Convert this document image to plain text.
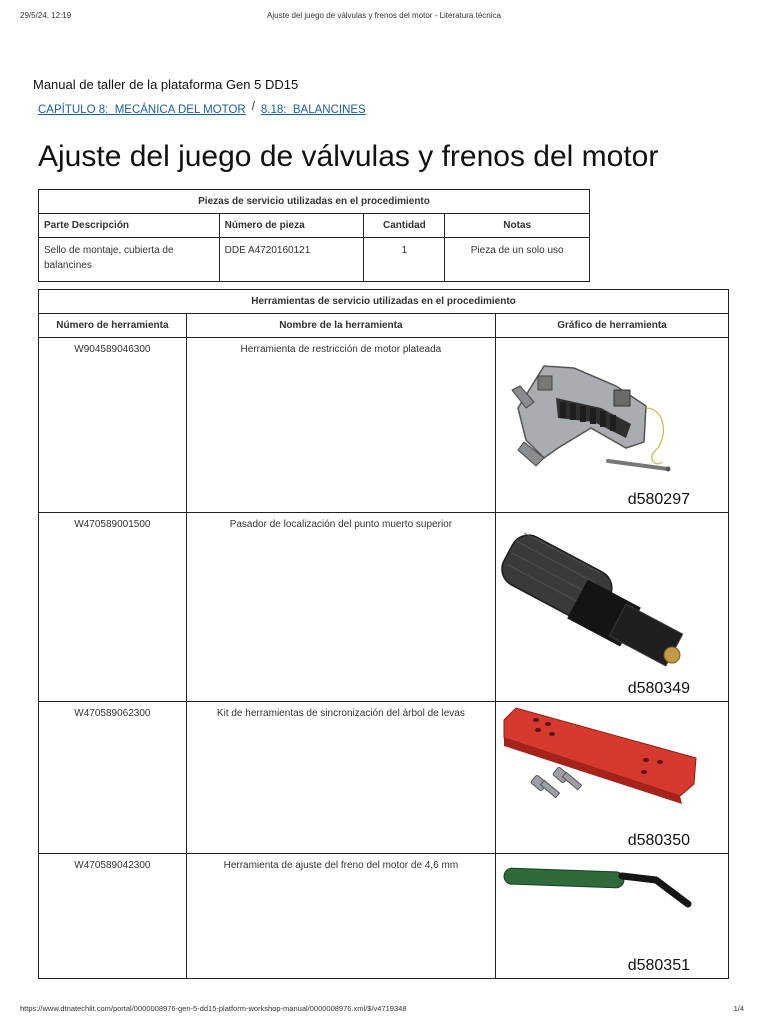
29/5/24, 12:19	Ajuste del juego de válvulas y frenos del motor - Literatura técnica
Manual de taller de la plataforma Gen 5 DD15
CAPÍTULO 8: MECÁNICA DEL MOTOR / 8.18: BALANCINES
Ajuste del juego de válvulas y frenos del motor
Piezas de servicio utilizadas en el procedimiento			
Parte Descripción	Número de pieza	Cantidad	Notas
Sello de montaje, cubierta de balancines	DDE A4720160121	1	Pieza de un solo uso
Herramientas de servicio utilizadas en el procedimiento		
Número de herramienta	Nombre de la herramienta	Gráfico de herramienta
W904589046300	Herramienta de restricción de motor plateada	d580297

W470589001500	Pasador de localización del punto muerto superior	d580349

W470589062300	Kit de herramientas de sincronización del árbol de levas	d580350

W470589042300	Herramienta de ajuste del freno del motor de 4,6 mm	d580351
https://www.dtnatechlit.com/portal/0000008976-gen-5-dd15-platform-workshop-manual/0000008976.xml/$/v4719348	1/4
